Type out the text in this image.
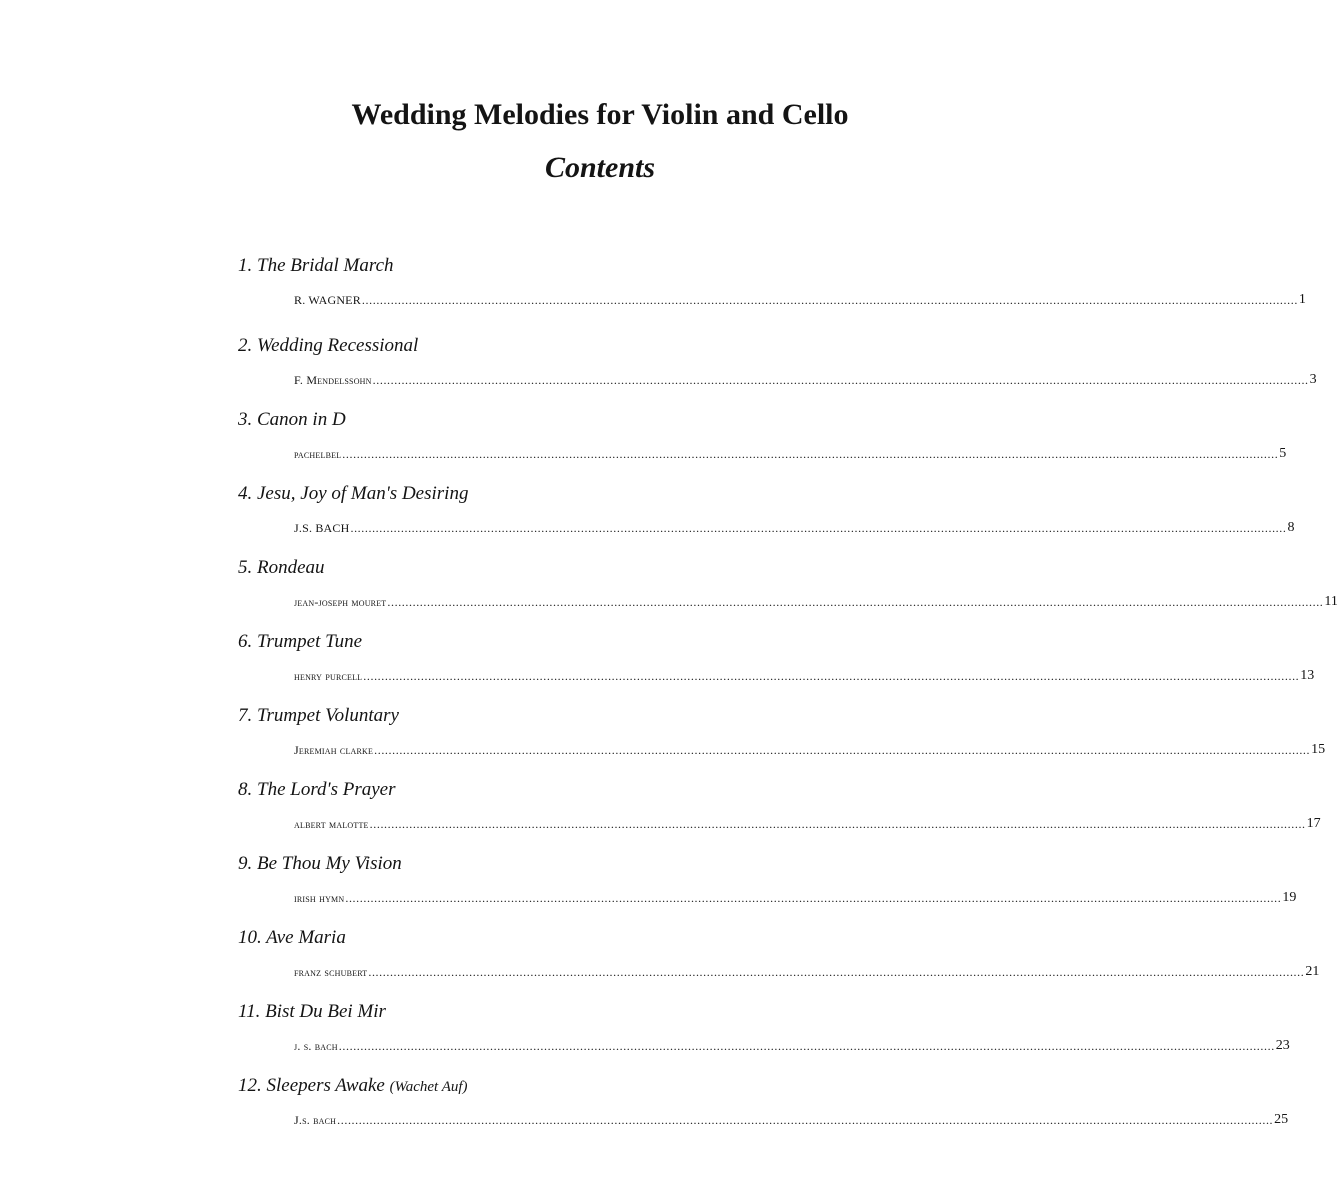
Wedding Melodies for Violin and Cello
Contents
1. The Bridal March
R. WAGNER .................................................................................................................................................................................................................................................................... 1
2. Wedding Recessional
F. Mendelssohn .................................................................................................................................................................................................................................................................... 3
3. Canon in D
pachelbel .................................................................................................................................................................................................................................................................... 5
4. Jesu, Joy of Man's Desiring
J.S. BACH .................................................................................................................................................................................................................................................................... 8
5. Rondeau
jean-joseph mouret .................................................................................................................................................................................................................................................................... 11
6. Trumpet Tune
henry purcell .................................................................................................................................................................................................................................................................... 13
7. Trumpet Voluntary
Jeremiah clarke .................................................................................................................................................................................................................................................................... 15
8. The Lord's Prayer
albert malotte .................................................................................................................................................................................................................................................................... 17
9. Be Thou My Vision
irish hymn .................................................................................................................................................................................................................................................................... 19
10. Ave Maria
franz schubert .................................................................................................................................................................................................................................................................... 21
11. Bist Du Bei Mir
j. s. bach .................................................................................................................................................................................................................................................................... 23
12. Sleepers Awake (Wachet Auf)
J.s. bach .................................................................................................................................................................................................................................................................... 25
